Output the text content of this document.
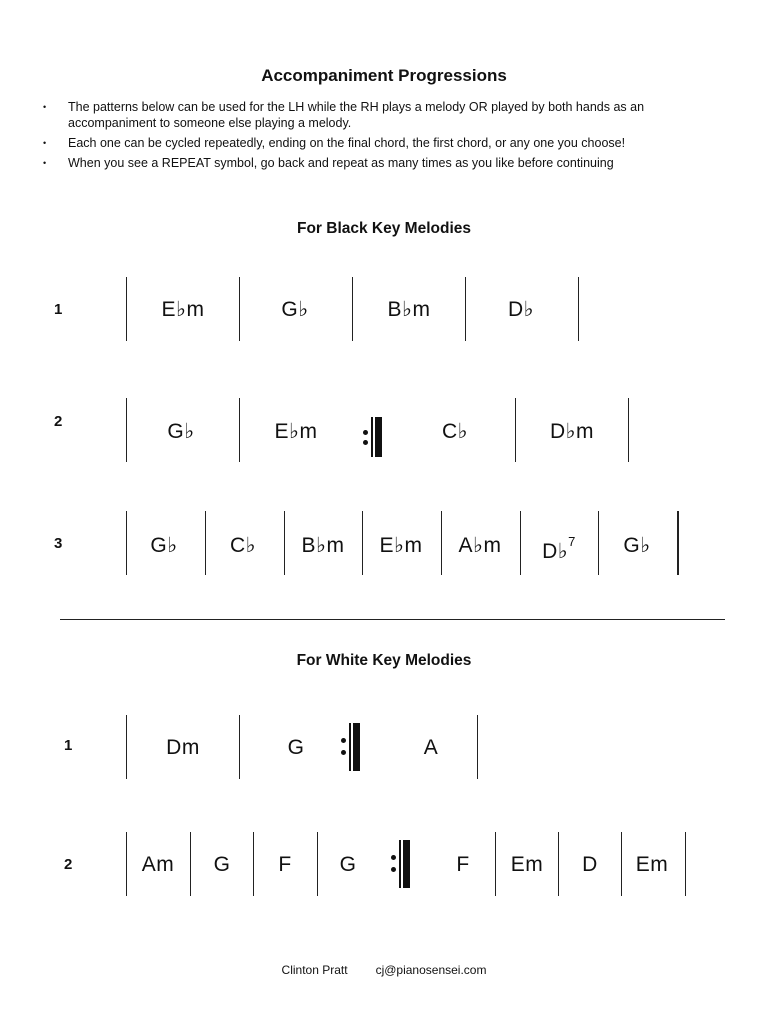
Accompaniment Progressions
• The patterns below can be used for the LH while the RH plays a melody OR played by both hands as an accompaniment to someone else playing a melody.
• Each one can be cycled repeatedly, ending on the final chord, the first chord, or any one you choose!
• When you see a REPEAT symbol, go back and repeat as many times as you like before continuing
For Black Key Melodies
1	E♭m	G♭	B♭m	D♭
2	G♭	E♭m	C♭	D♭m
3	G♭ C♭ B♭m E♭m A♭m D♭$^7$ G♭
For White Key Melodies
1	Dm	G	A
2	Am G F G	F Em D Em
Clinton Pratt cj@pianosensei.com
